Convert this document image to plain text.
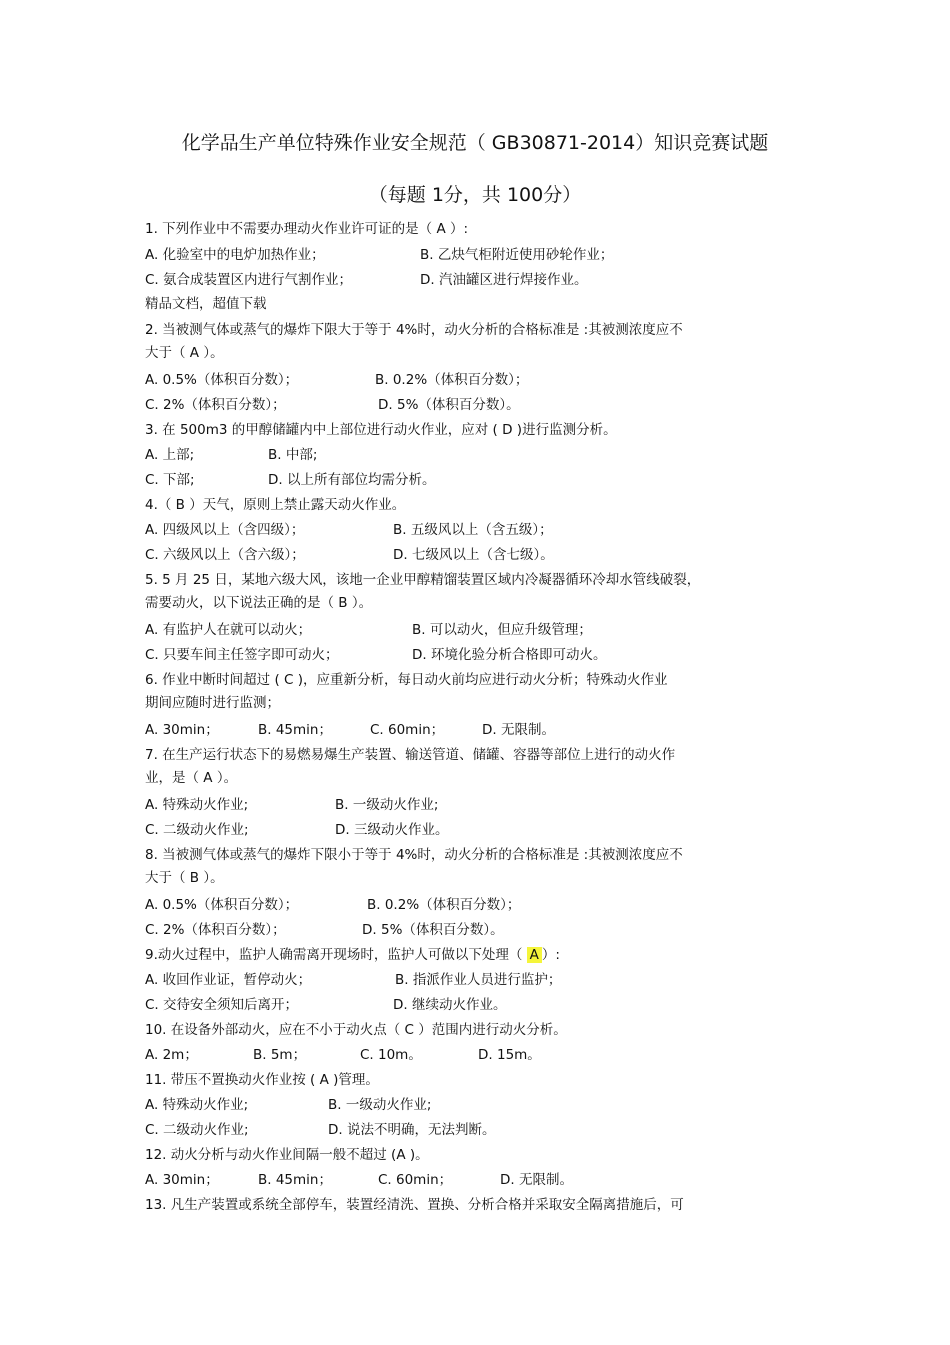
化学品生产单位特殊作业安全规范（ GB30871-2014）知识竞赛试题
（每题 1分，共 100分）
1. 下列作业中不需要办理动火作业许可证的是（ A ）:
A. 化验室中的电炉加热作业；	B. 乙炔气柜附近使用砂轮作业；
C. 氨合成装置区内进行气割作业；	D. 汽油罐区进行焊接作业。
精品文档，超值下载
2. 当被测气体或蒸气的爆炸下限大于等于 4%时，动火分析的合格标准是 :其被测浓度应不
大于（ A ）。
A. 0.5%（体积百分数）；	B. 0.2%（体积百分数）；
C. 2%（体积百分数）；	D. 5%（体积百分数）。
3. 在 500m3 的甲醇储罐内中上部位进行动火作业，应对 ( D )进行监测分析。
A. 上部;	B. 中部;
C. 下部;	D. 以上所有部位均需分析。
4.（ B ）天气，原则上禁止露天动火作业。
A. 四级风以上（含四级）；	B. 五级风以上（含五级）；
C. 六级风以上（含六级）；	D. 七级风以上（含七级）。
5. 5 月 25 日，某地六级大风，该地一企业甲醇精馏装置区域内冷凝器循环冷却水管线破裂，
需要动火，以下说法正确的是（ B ）。
A. 有监护人在就可以动火；	B. 可以动火，但应升级管理；
C. 只要车间主任签字即可动火；	D. 环境化验分析合格即可动火。
6. 作业中断时间超过 ( C )，应重新分析，每日动火前均应进行动火分析；特殊动火作业
期间应随时进行监测；
A. 30min；	B. 45min；	C. 60min；	D. 无限制。
7. 在生产运行状态下的易燃易爆生产装置、输送管道、储罐、容器等部位上进行的动火作
业，是（ A ）。
A. 特殊动火作业;	B. 一级动火作业;
C. 二级动火作业;	D. 三级动火作业。
8. 当被测气体或蒸气的爆炸下限小于等于 4%时，动火分析的合格标准是 :其被测浓度应不
大于（ B ）。
A. 0.5%（体积百分数）；	B. 0.2%（体积百分数）；
C. 2%（体积百分数）；	D. 5%（体积百分数）。
9.动火过程中，监护人确需离开现场时，监护人可做以下处理（ A ）:
A. 收回作业证，暂停动火；	B. 指派作业人员进行监护；
C. 交待安全须知后离开；	D. 继续动火作业。
10. 在设备外部动火，应在不小于动火点（ C ）范围内进行动火分析。
A. 2m；	B. 5m；	C. 10m。	D. 15m。
11. 带压不置换动火作业按 ( A )管理。
A. 特殊动火作业;	B. 一级动火作业;
C. 二级动火作业;	D. 说法不明确，无法判断。
12. 动火分析与动火作业间隔一般不超过 (A )。
A. 30min；	B. 45min；	C. 60min；	D. 无限制。
13. 凡生产装置或系统全部停车，装置经清洗、置换、分析合格并采取安全隔离措施后，可
